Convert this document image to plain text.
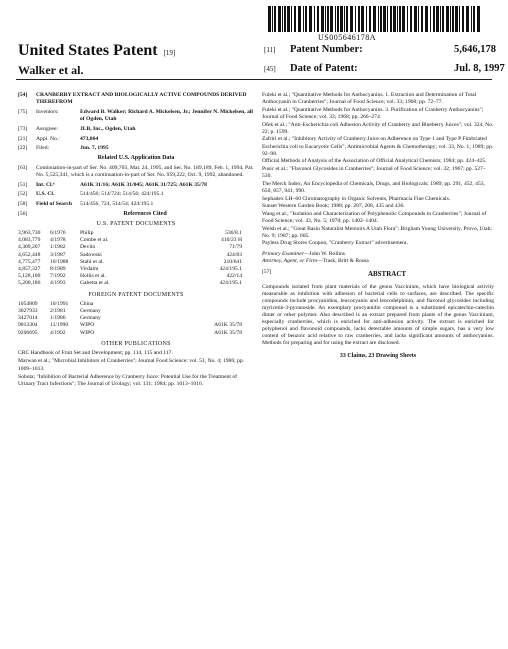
US005646178A
United States Patent [19]
Walker et al.
[11] Patent Number:	5,646,178
[45] Date of Patent:	Jul. 8, 1997
[54]	CRANBERRY EXTRACT AND BIOLOGICALLY ACTIVE COMPOUNDS DERIVED THEREFROM
[75]	Inventors:	Edward B. Walker; Richard A. Mickelsen, Jr.; Jennifer N. Mickelsen, all of Ogden, Utah
[73]	Assignee:	JLB, Inc., Ogden, Utah
[21]	Appl. No.:	473,864
[22]	Filed:	Jun. 7, 1995
Related U.S. Application Data
[63]	Continuation-in-part of Ser. No. 409,703, Mar. 24, 1995, and Ser. No. 189,189, Feb. 1, 1994, Pat. No. 5,525,341, which is a continuation-in-part of Ser. No. 959,222, Oct. 9, 1992, abandoned.
[51]	Int. Cl.⁶	A61K 31/16; A61K 31/045; A61K 31/725; A61K 35/78
[52]	U.S. Cl.	514/456; 514/724; 514/56; 424/195.1
[58]	Field of Search	514/456, 724, 514/54; 424/195.1
[56]	References Cited
U.S. PATENT DOCUMENTS
3,963,730	6/1976	Philip	536/8.1
4,083,779	4/1978	Combe et al.	410/23 H
4,309,207	1/1982	Devlin	71/79
4,652,448	3/1987	Sadowski	424/83
4,775,477	10/1988	Stahl et al.	210/641
4,857,327	8/1989	Virdalm	424/195.1
5,128,100	7/1992	Hollis et al.	422/14
5,200,186	4/1993	Gabetta et al.	424/195.1
FOREIGN PATENT DOCUMENTS
1054809	10/1991	China
3027933	2/1981	Germany
3427014	1/1986	Germany
9013304	11/1990	WIPO	A61K 35/78
9206695	4/1992	WIPO	A61K 35/78
OTHER PUBLICATIONS
CRC Handbook of Fruit Set and Development; pp. 114, 115 and 117.
Marwan et al.; "Microbial Inhibitors of Cranberries"; Journal Food Science; vol. 51, No. 4; 1986; pp. 1009–1013.
Sobota; "Inhibition of Bacterial Adherence by Cranberry Juice: Potential Use for the Treatment of Urinary Tract Infections"; The Journal of Urology; vol. 131; 1984; pp. 1013–1016.
Fuleki et al.; "Quantitative Methods for Anthocyanins. 1. Extraction and Determination of Total Anthocyanin in Cranberries"; Journal of Food Science; vol. 33; 1968; pp. 72–77.
Fuleki et al.; "Quantitative Methods for Anthocyanins. 3. Purification of Cranberry Anthocyanins"; Journal of Food Science; vol. 33; 1968; pp. 266–274.
Ofek et al.; "Anti-Escherichia coli Adhesion Activity of Cranberry and Blueberry Juices"; vol. 324, No. 22; p. 1599.
Zafriri et al.; "Inhibitory Activity of Cranberry Juice on Adherence on Type 1 and Type P Fimbriated Escherichia coli to Eucaryotic Cells"; Antimicrobial Agents & Chemotherapy; vol. 33, No. 1; 1989; pp. 92–98.
Official Methods of Analysis of the Association of Official Analytical Chemists; 1984; pp. 424–425.
Pusic et al.; "Flavonol Glycosides in Cranberries"; Journal of Food Science; vol. 32; 1967; pp. 527–530.
The Merck Index, An Encyclopedia of Chemicals, Drugs, and Biologicals; 1989; pp. 291, 452, 453, 650, 857, 941, 990.
Sephadex LH–60 Chromatography in Organic Solvents, Pharmacia Fine Chemicals.
Sunset Western Garden Book; 1988; pp. 207, 208, 435 and 436.
Wang et al.; "Isolation and Characterization of Polyphenolic Compounds in Cranberries"; Journal of Food Science; vol. 43, No. 5; 1978; pp. 1402–1404.
Welsh et al.; "Great Basin Naturalist Memoirs A Utah Flora"; Brigham Young University, Provo, Utah; No. 9; 1987; pp. 605.
Payless Drug Stores Coupon, "Cranberry Extract" advertisement.
Primary Examiner—John W. Rollins
Attorney, Agent, or Firm—Trask, Britt & Rossa
[57]	ABSTRACT
Compounds isolated from plant materials of the genus Vaccinium, which have biological activity measurable as inhibition with adhesion of bacterial cells to surfaces, are described. The specific compounds include procyanidins, leucocyanin and leucodelphinin, and flavonol glycosides including myricetin-3-pyranoside. An exemplary procyanidin compound is a substituted epicatechin-catechin dimer or other polymer. Also described is an extract prepared from plants of the genus Vaccinium, especially cranberries, which is enriched for anti-adhesion activity. The extract is enriched for polyphenol and flavonoid compounds, lacks detectable amounts of simple sugars, has a very low content of benzoic acid relative to raw cranberries, and lacks significant amounts of anthocyanins. Methods for preparing and for using the extract are disclosed.
33 Claims, 23 Drawing Sheets
